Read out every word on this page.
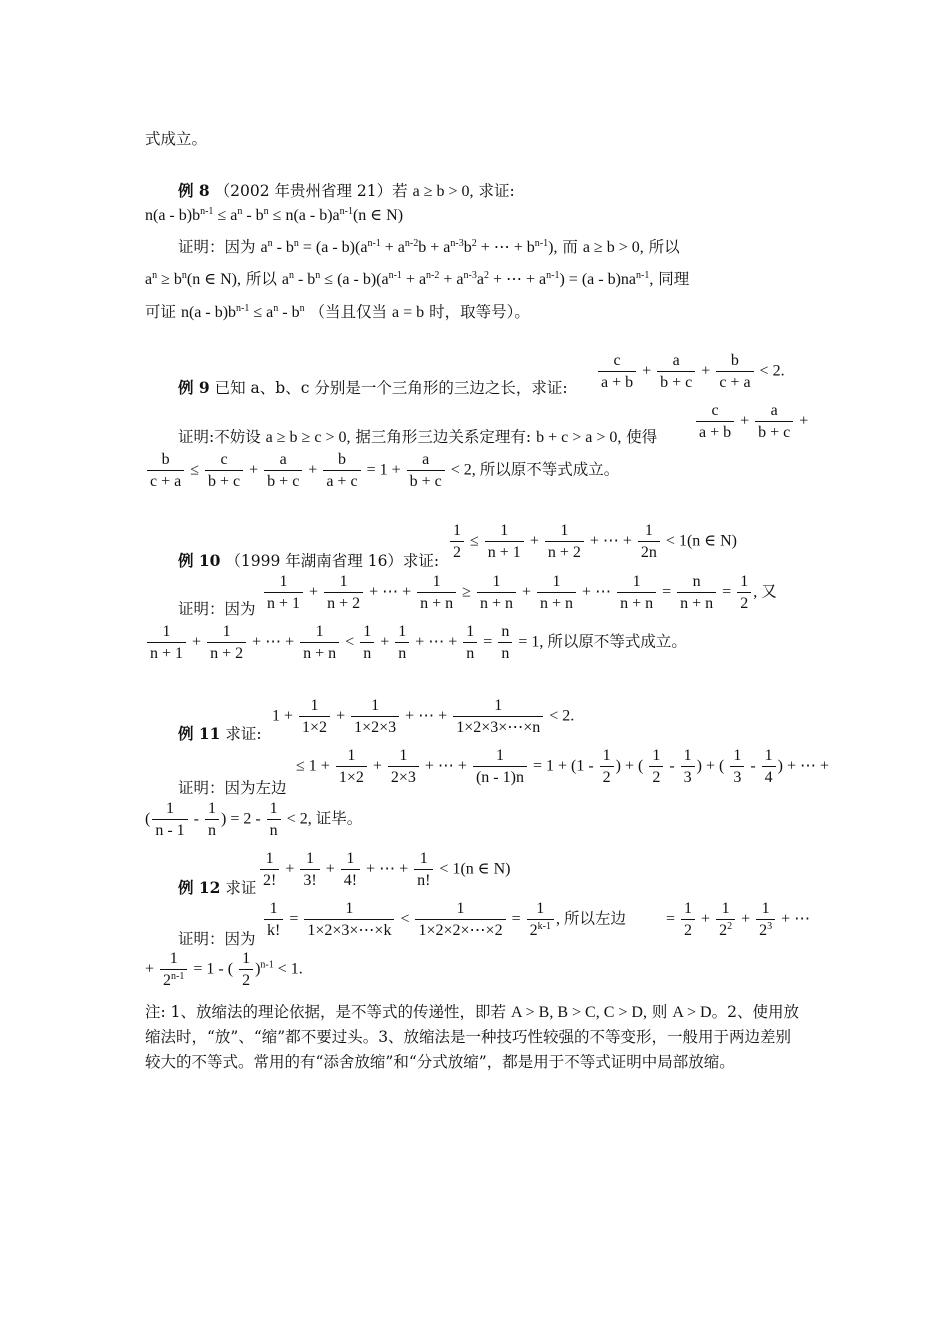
式成立。
例 8 （2002 年贵州省理 21）若 a ≥ b > 0, 求证:
$n(a - b)b^{n-1} \le a^n - b^n \le n(a - b)a^{n-1}(n$ ∈ N)
证明：因为 $a^n - b^n = (a - b)(a^{n-1} + a^{n-2}b + a^{n-3}b^2$ + ⋯ + $b^{n-1}$), 而 a ≥ b > 0, 所以
$a^n \ge b^n(n$ ∈ N), 所以 $a^n - b^n \le (a - b)(a^{n-1} + a^{n-2} + a^{n-3}a^2$ + ⋯ + $a^{n-1}) = (a - b)na^{n-1}$, 同理
可证 $n(a - b)b^{n-1} \le a^n - b^n$ （当且仅当 a = b 时，取等号）。
例 9 已知 a、b、c 分别是一个三角形的三边之长，求证: $\frac{c}{a + b} + \frac{a}{b + c} + \frac{b}{c + a} < 2$.
证明:不妨设 a ≥ b ≥ c > 0, 据三角形三边关系定理有: b + c > a > 0, 使得 $\frac{c}{a + b} + \frac{a}{b + c}$ +
$\frac{b}{c + a} \le \frac{c}{b + c} + \frac{a}{b + c} + \frac{b}{a + c} = 1 + \frac{a}{b + c} < 2$, 所以原不等式成立。
$\frac{1}{2} \le \frac{1}{n + 1} + \frac{1}{n + 2}$ + ⋯ + $\frac{1}{2n} < 1(n$ ∈ N)
例 10 （1999 年湖南省理 16）求证:
证明：因为 $\frac{1}{n + 1} + \frac{1}{n + 2}$ + ⋯ + $\frac{1}{n + n} \ge \frac{1}{n + n} + \frac{1}{n + n}$ + ⋯ $\frac{1}{n + n} = \frac{n}{n + n} = \frac{1}{2}$ , 又
$\frac{1}{n + 1} + \frac{1}{n + 2}$ + ⋯ + $\frac{1}{n + n} < \frac{1}{n} + \frac{1}{n}$ + ⋯ + $\frac{1}{n} = \frac{n}{n} = 1$, 所以原不等式成立。
$1 + \frac{1}{1\times 2} + \frac{1}{1\times 2\times 3}$ + ⋯ + $\frac{1}{1\times 2\times 3\times\cdots\times n} < 2$.
例 11 求证:
≤ $1 + \frac{1}{1\times 2} + \frac{1}{2\times 3}$ + ⋯ + $\frac{1}{(n - 1)n} = 1 + (1 - \frac{1}{2}$ ) + ( $\frac{1}{2} - \frac{1}{3}$ ) + ( $\frac{1}{3} - \frac{1}{4}$ ) + ⋯ +
证明：因为左边
( $\frac{1}{n - 1} - \frac{1}{n}$ ) = $2 - \frac{1}{n} < 2$, 证毕。
$\frac{1}{2!} + \frac{1}{3!} + \frac{1}{4!}$ + ⋯ + $\frac{1}{n!} < 1(n$ ∈ N)
例 12 求证
证明：因为 $\frac{1}{k!} = \frac{1}{1\times 2\times 3\times\cdots\times k} < \frac{1}{1\times 2\times 2\times\cdots\times 2} = \frac{1}{2^{k-1}}$ , 所以左边	= $\frac{1}{2} + \frac{1}{2^2} + \frac{1}{2^3}$ + ⋯
+ $\frac{1}{2^{n-1}} = 1$ - ( $\frac{1}{2} )^{n-1} < 1$.
注: 1、放缩法的理论依据，是不等式的传递性，即若 A > B, B > C, C > D, 则 A > D。2、使用放缩法时，“放”、“缩”都不要过头。3、放缩法是一种技巧性较强的不等变形，一般用于两边差别较大的不等式。常用的有“添舍放缩”和“分式放缩”，都是用于不等式证明中局部放缩。
